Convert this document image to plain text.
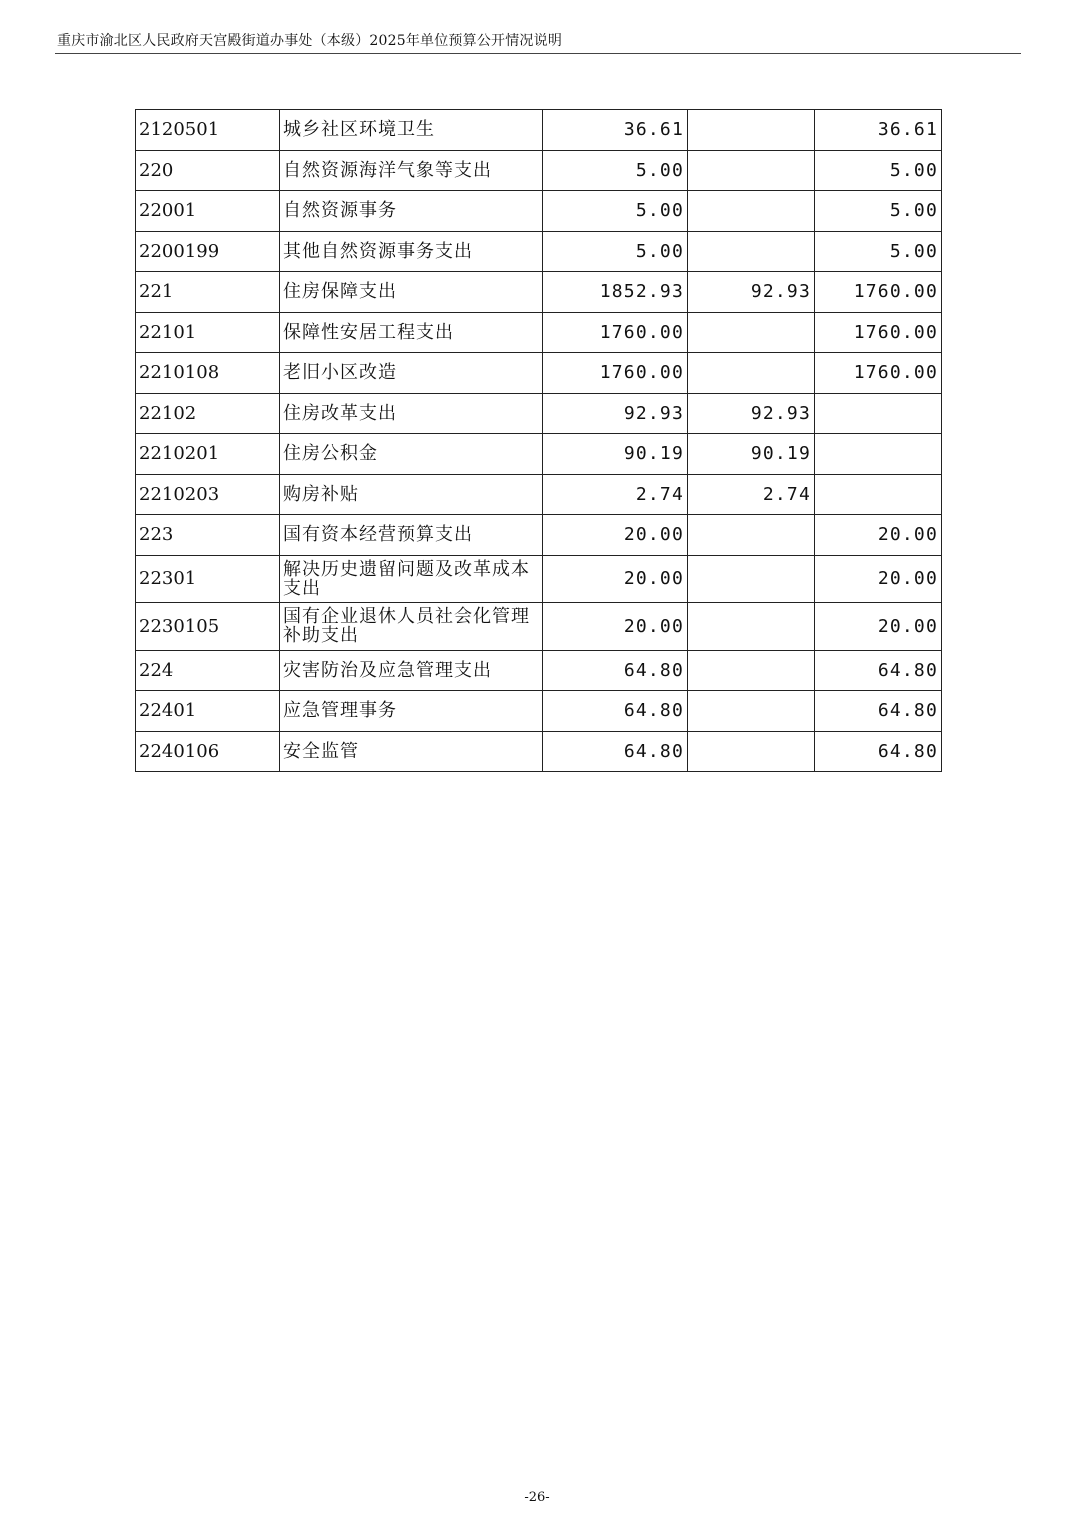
重庆市渝北区人民政府天宫殿街道办事处（本级）2025年单位预算公开情况说明
2120501	城乡社区环境卫生	36.61		36.61
220	自然资源海洋气象等支出	5.00		5.00
22001	自然资源事务	5.00		5.00
2200199	其他自然资源事务支出	5.00		5.00
221	住房保障支出	1852.93	92.93	1760.00
22101	保障性安居工程支出	1760.00		1760.00
2210108	老旧小区改造	1760.00		1760.00
22102	住房改革支出	92.93	92.93	
2210201	住房公积金	90.19	90.19	
2210203	购房补贴	2.74	2.74	
223	国有资本经营预算支出	20.00		20.00
22301	解决历史遗留问题及改革成本支出	20.00		20.00
2230105	国有企业退休人员社会化管理补助支出	20.00		20.00
224	灾害防治及应急管理支出	64.80		64.80
22401	应急管理事务	64.80		64.80
2240106	安全监管	64.80		64.80
-26-
